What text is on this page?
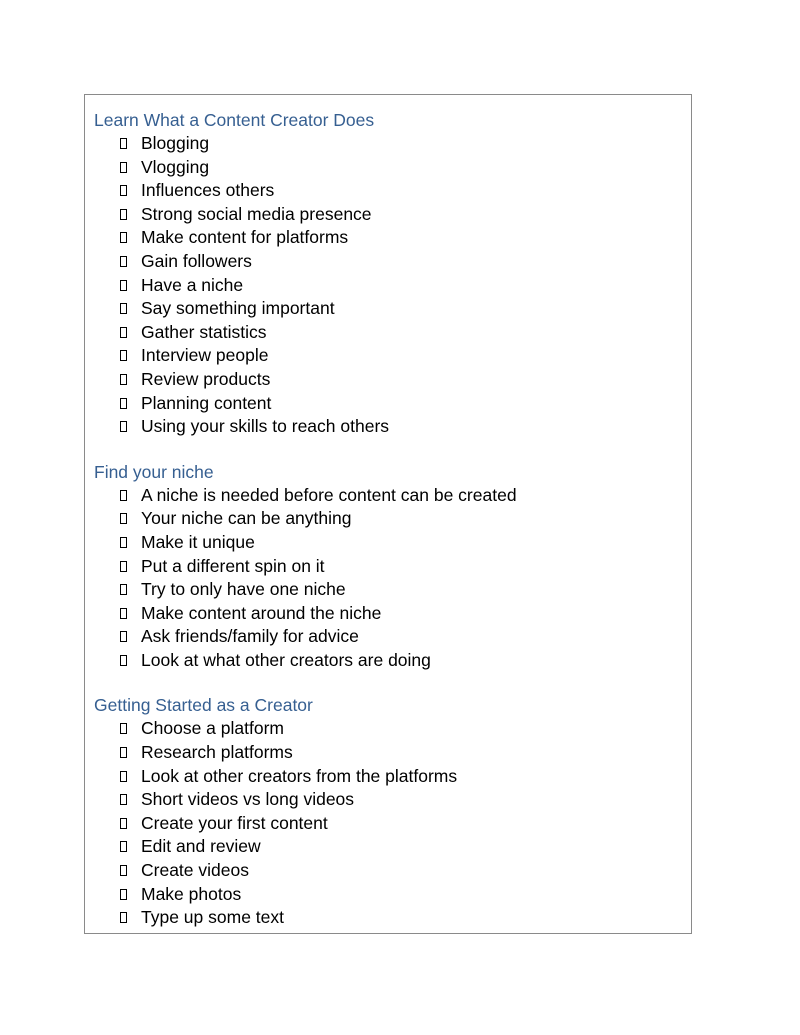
Learn What a Content Creator Does
Blogging
Vlogging
Influences others
Strong social media presence
Make content for platforms
Gain followers
Have a niche
Say something important
Gather statistics
Interview people
Review products
Planning content
Using your skills to reach others
Find your niche
A niche is needed before content can be created
Your niche can be anything
Make it unique
Put a different spin on it
Try to only have one niche
Make content around the niche
Ask friends/family for advice
Look at what other creators are doing
Getting Started as a Creator
Choose a platform
Research platforms
Look at other creators from the platforms
Short videos vs long videos
Create your first content
Edit and review
Create videos
Make photos
Type up some text
